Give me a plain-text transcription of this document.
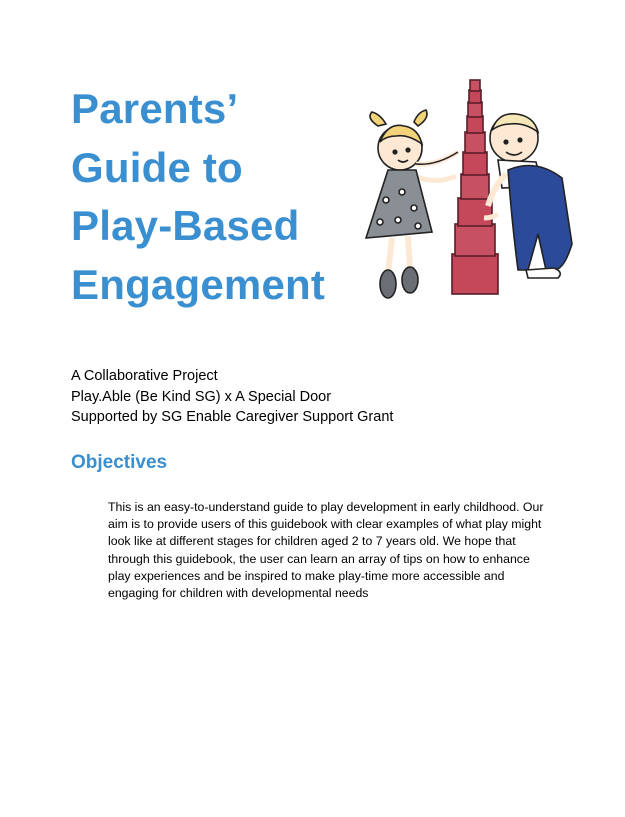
Parents’
Guide to
Play-Based
Engagement
A Collaborative Project
Play.Able (Be Kind SG) x A Special Door
Supported by SG Enable Caregiver Support Grant
Objectives
This is an easy-to-understand guide to play development in early childhood. Our
aim is to provide users of this guidebook with clear examples of what play might
look like at different stages for children aged 2 to 7 years old. We hope that
through this guidebook, the user can learn an array of tips on how to enhance
play experiences and be inspired to make play-time more accessible and
engaging for children with developmental needs
